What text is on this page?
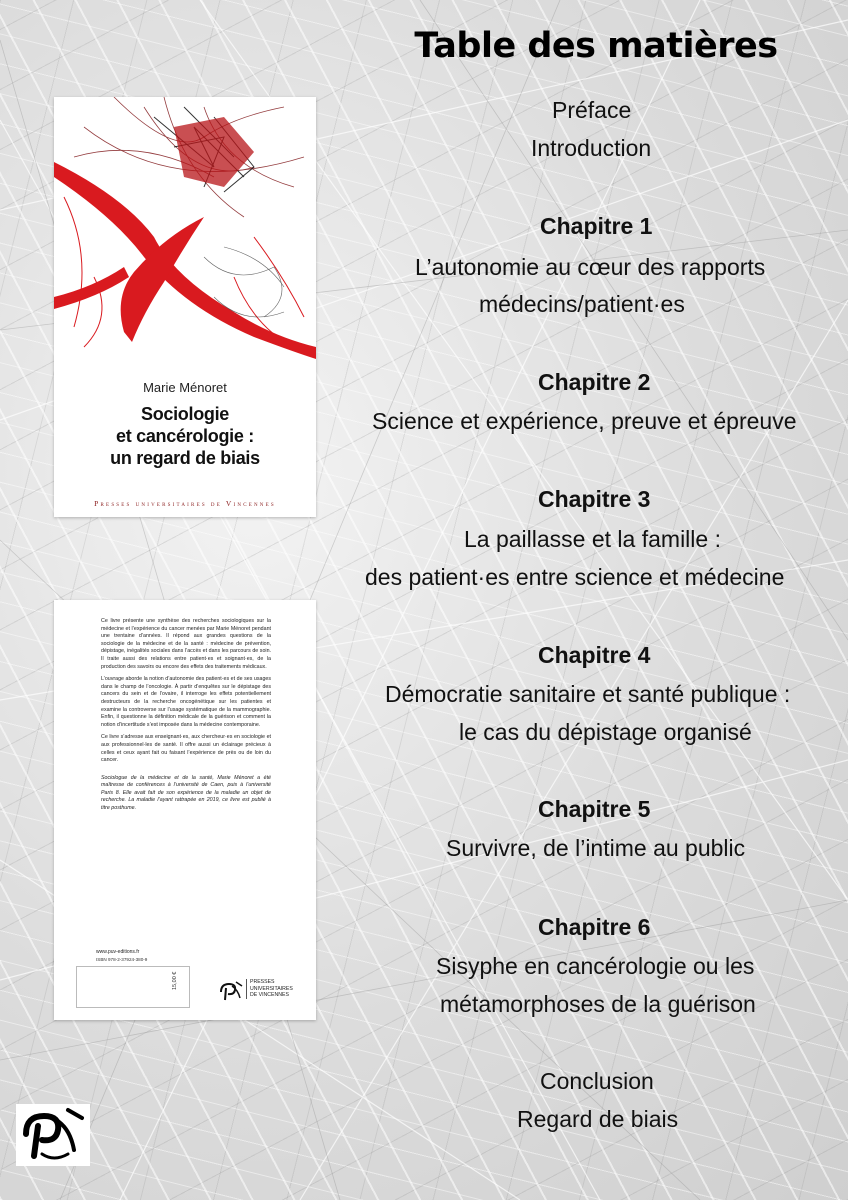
Marie Ménoret
Sociologie
et cancérologie :
un regard de biais
Presses universitaires de Vincennes

Ce livre présente une synthèse des recherches sociologiques sur la médecine et l’expérience du cancer menées par Marie Ménoret pendant une trentaine d’années. Il répond aux grandes questions de la sociologie de la médecine et de la santé : médecine de prévention, dépistage, inégalités sociales dans l’accès et dans les parcours de soin. Il traite aussi des relations entre patient·es et soignant·es, de la production des savoirs ou encore des effets des traitements médicaux.

L’ouvrage aborde la notion d’autonomie des patient·es et de ses usages dans le champ de l’oncologie. À partir d’enquêtes sur le dépistage des cancers du sein et de l’ovaire, il interroge les effets potentiellement destructeurs de la recherche oncogénétique sur les patientes et examine la controverse sur l’usage systématique de la mammographie. Enfin, il questionne la définition médicale de la guérison et comment la notion d’incertitude s’est imposée dans la médecine contemporaine.

Ce livre s’adresse aux enseignant·es, aux chercheur·es en sociologie et aux professionnel·les de santé. Il offre aussi un éclairage précieux à celles et ceux ayant fait ou faisant l’expérience de près ou de loin du cancer.

Sociologue de la médecine et de la santé, Marie Ménoret a été maîtresse de conférences à l’université de Caen, puis à l’université Paris 8. Elle avait fait de son expérience de la maladie un objet de recherche. La maladie l’ayant rattrapée en 2019, ce livre est publié à titre posthume.

www.puv-editions.fr
ISBN 978-2-37924-380-9
15,00 €	PRESSES
UNIVERSITAIRES
DE VINCENNES
Table des matières
Préface
Introduction
Chapitre 1
L’autonomie au cœur des rapports
médecins/patient·es
Chapitre 2
Science et expérience, preuve et épreuve
Chapitre 3
La paillasse et la famille :
des patient·es entre science et médecine
Chapitre 4
Démocratie sanitaire et santé publique :
le cas du dépistage organisé
Chapitre 5
Survivre, de l’intime au public
Chapitre 6
Sisyphe en cancérologie ou les
métamorphoses de la guérison
Conclusion
Regard de biais
